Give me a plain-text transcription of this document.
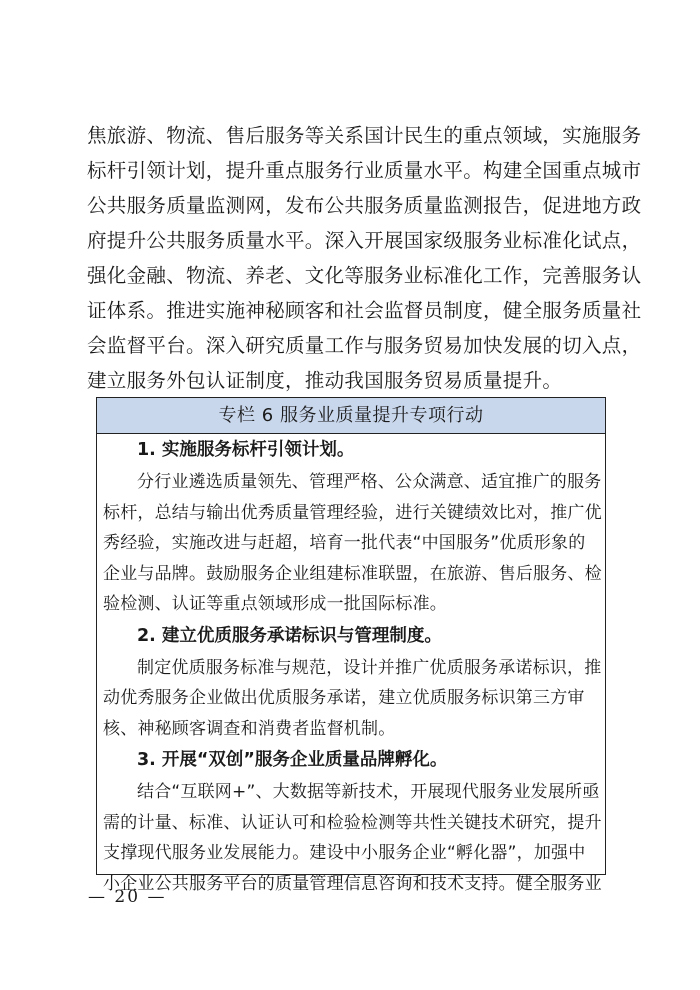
焦旅游、物流、售后服务等关系国计民生的重点领域，实施服务
标杆引领计划，提升重点服务行业质量水平。构建全国重点城市
公共服务质量监测网，发布公共服务质量监测报告，促进地方政
府提升公共服务质量水平。深入开展国家级服务业标准化试点，
强化金融、物流、养老、文化等服务业标准化工作，完善服务认
证体系。推进实施神秘顾客和社会监督员制度，健全服务质量社
会监督平台。深入研究质量工作与服务贸易加快发展的切入点，
建立服务外包认证制度，推动我国服务贸易质量提升。
专栏 6 服务业质量提升专项行动
1. 实施服务标杆引领计划。
分行业遴选质量领先、管理严格、公众满意、适宜推广的服务
标杆，总结与输出优秀质量管理经验，进行关键绩效比对，推广优
秀经验，实施改进与赶超，培育一批代表“中国服务”优质形象的
企业与品牌。鼓励服务企业组建标准联盟，在旅游、售后服务、检
验检测、认证等重点领域形成一批国际标准。
2. 建立优质服务承诺标识与管理制度。
制定优质服务标准与规范，设计并推广优质服务承诺标识，推
动优秀服务企业做出优质服务承诺，建立优质服务标识第三方审
核、神秘顾客调查和消费者监督机制。
3. 开展“双创”服务企业质量品牌孵化。
结合“互联网+”、大数据等新技术，开展现代服务业发展所亟
需的计量、标准、认证认可和检验检测等共性关键技术研究，提升
支撑现代服务业发展能力。建设中小服务企业“孵化器”，加强中
小企业公共服务平台的质量管理信息咨询和技术支持。健全服务业
— 20 —
